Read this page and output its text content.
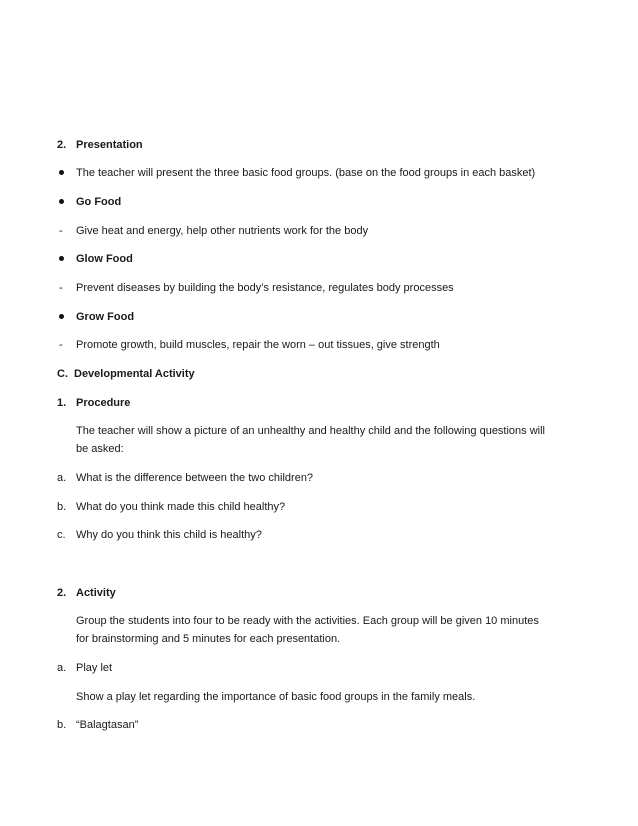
2. Presentation
The teacher will present the three basic food groups. (base on the food groups in each basket)
Go Food
- Give heat and energy, help other nutrients work for the body
Glow Food
- Prevent diseases by building the body’s resistance, regulates body processes
Grow Food
- Promote growth, build muscles, repair the worn – out tissues, give strength
C. Developmental Activity
1. Procedure
The teacher will show a picture of an unhealthy and healthy child and the following questions will be asked:
a. What is the difference between the two children?
b. What do you think made this child healthy?
c. Why do you think this child is healthy?
2. Activity
Group the students into four to be ready with the activities. Each group will be given 10 minutes for brainstorming and 5 minutes for each presentation.
a. Play let
Show a play let regarding the importance of basic food groups in the family meals.
b. “Balagtasan”
